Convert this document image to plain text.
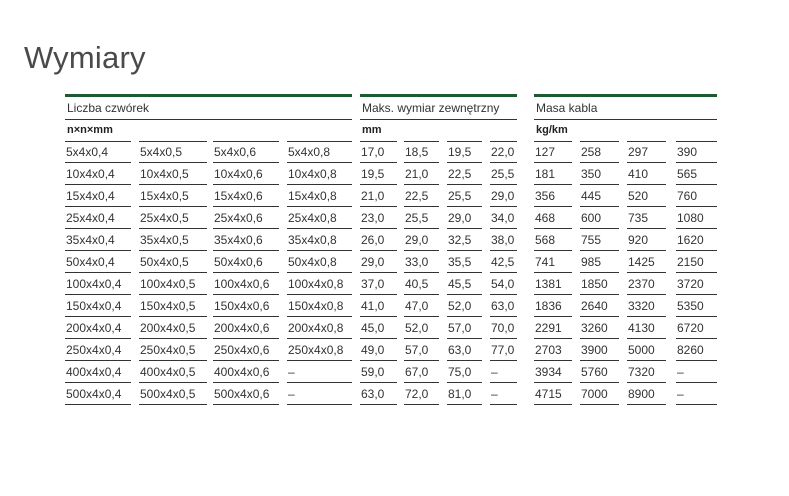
Wymiary
Liczba czwórek
n×n×mm
5x4x0,4	5x4x0,5	5x4x0,6	5x4x0,8
10x4x0,4	10x4x0,5	10x4x0,6	10x4x0,8
15x4x0,4	15x4x0,5	15x4x0,6	15x4x0,8
25x4x0,4	25x4x0,5	25x4x0,6	25x4x0,8
35x4x0,4	35x4x0,5	35x4x0,6	35x4x0,8
50x4x0,4	50x4x0,5	50x4x0,6	50x4x0,8
100x4x0,4	100x4x0,5	100x4x0,6	100x4x0,8
150x4x0,4	150x4x0,5	150x4x0,6	150x4x0,8
200x4x0,4	200x4x0,5	200x4x0,6	200x4x0,8
250x4x0,4	250x4x0,5	250x4x0,6	250x4x0,8
400x4x0,4	400x4x0,5	400x4x0,6	–
500x4x0,4	500x4x0,5	500x4x0,6	–
Maks. wymiar zewnętrzny
mm
17,0	18,5	19,5	22,0
19,5	21,0	22,5	25,5
21,0	22,5	25,5	29,0
23,0	25,5	29,0	34,0
26,0	29,0	32,5	38,0
29,0	33,0	35,5	42,5
37,0	40,5	45,5	54,0
41,0	47,0	52,0	63,0
45,0	52,0	57,0	70,0
49,0	57,0	63,0	77,0
59,0	67,0	75,0	–
63,0	72,0	81,0	–
Masa kabla
kg/km
127	258	297	390
181	350	410	565
356	445	520	760
468	600	735	1080
568	755	920	1620
741	985	1425	2150
1381	1850	2370	3720
1836	2640	3320	5350
2291	3260	4130	6720
2703	3900	5000	8260
3934	5760	7320	–
4715	7000	8900	–
